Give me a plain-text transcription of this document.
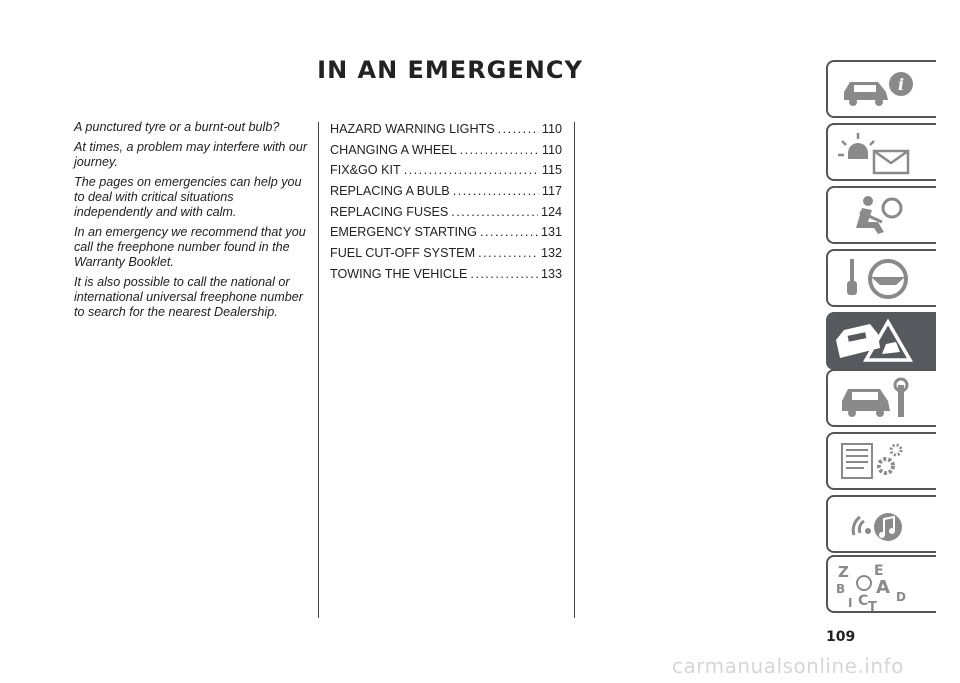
IN AN EMERGENCY

A punctured tyre or a burnt-out bulb?

At times, a problem may interfere with our journey.

The pages on emergencies can help you to deal with critical situations independently and with calm.

In an emergency we recommend that you call the freephone number found in the Warranty Booklet.

It is also possible to call the national or international universal freephone number to search for the nearest Dealership.

HAZARD WARNING LIGHTS . . .	110
CHANGING A WHEEL . . .	110
FIX&GO KIT . . .	115
REPLACING A BULB . . .	117
REPLACING FUSES . . .	124
EMERGENCY STARTING . . .	131
FUEL CUT-OFF SYSTEM . . .	132
TOWING THE VEHICLE . . .	133
i
Z E
A
B
C D
I T
109
carmanualsonline.info
